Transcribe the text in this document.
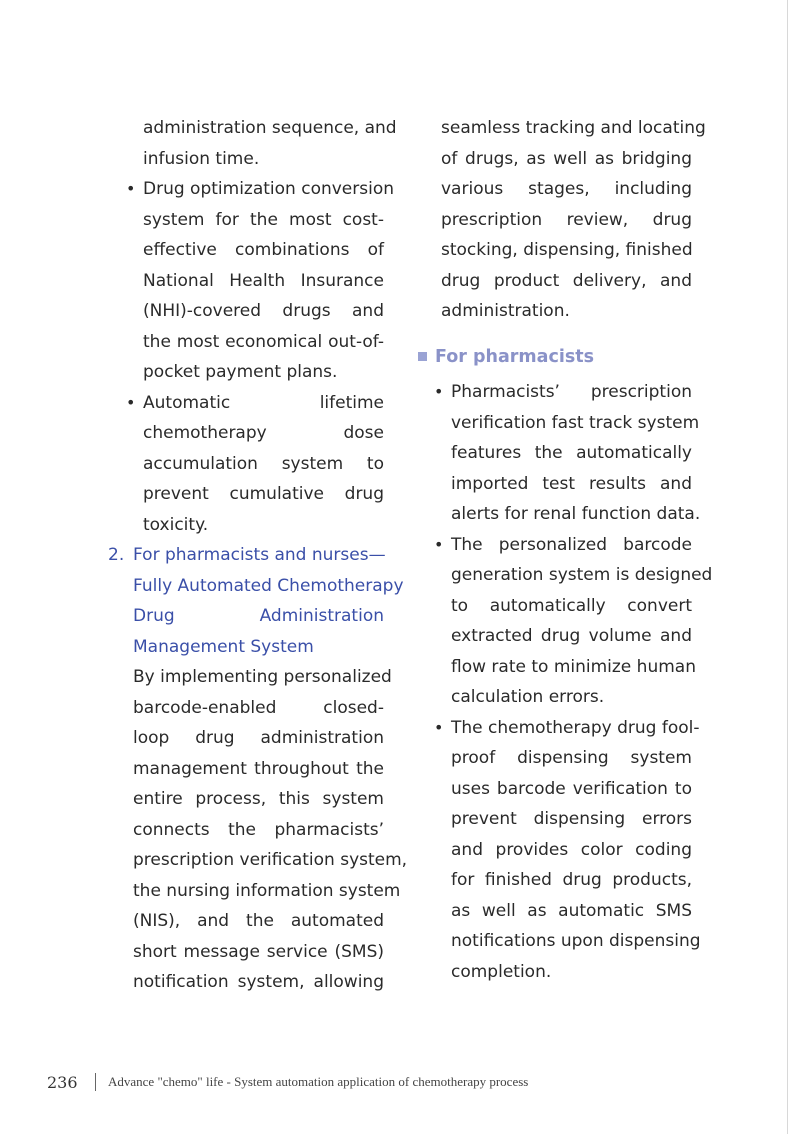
administration sequence, and
infusion time.
• Drug optimization conversion
system for the most cost-
effective combinations of
National Health Insurance
(NHI)-covered drugs and
the most economical out-of-
pocket payment plans.
• Automatic lifetime
chemotherapy dose
accumulation system to
prevent cumulative drug
toxicity.
2. For pharmacists and nurses—
Fully Automated Chemotherapy
Drug Administration
Management System
By implementing personalized
barcode-enabled closed-
loop drug administration
management throughout the
entire process, this system
connects the pharmacists’
prescription verification system,
the nursing information system
(NIS), and the automated
short message service (SMS)
notification system, allowing
seamless tracking and locating
of drugs, as well as bridging
various stages, including
prescription review, drug
stocking, dispensing, finished
drug product delivery, and
administration.
For pharmacists
• Pharmacists’ prescription
verification fast track system
features the automatically
imported test results and
alerts for renal function data.
• The personalized barcode
generation system is designed
to automatically convert
extracted drug volume and
flow rate to minimize human
calculation errors.
• The chemotherapy drug fool-
proof dispensing system
uses barcode verification to
prevent dispensing errors
and provides color coding
for finished drug products,
as well as automatic SMS
notifications upon dispensing
completion.
236	Advance "chemo" life - System automation application of chemotherapy process
